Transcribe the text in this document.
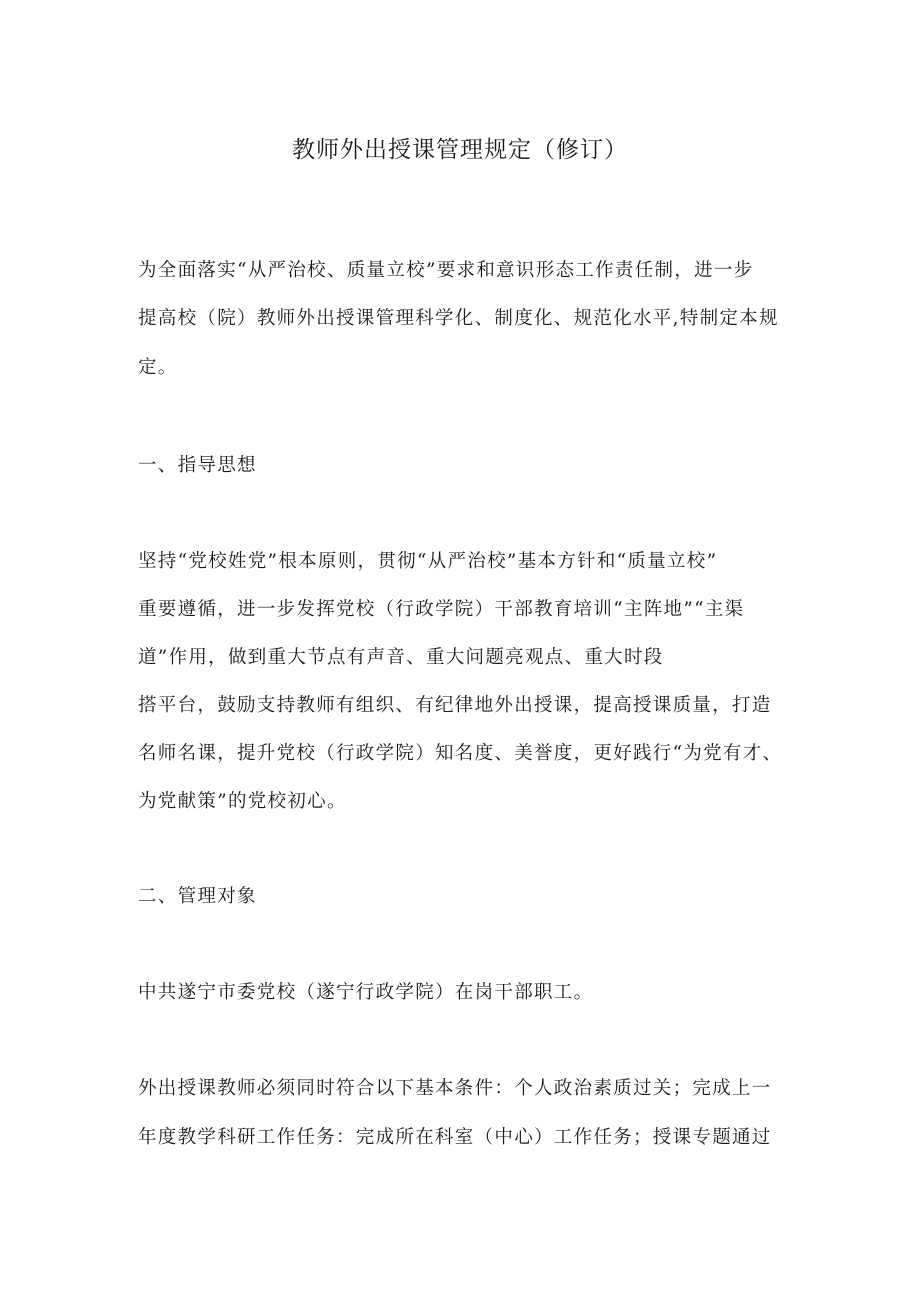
教师外出授课管理规定（修订）
为全面落实“从严治校、质量立校”要求和意识形态工作责任制，进一步
提高校（院）教师外出授课管理科学化、制度化、规范化水平,特制定本规
定。
一、指导思想
坚持“党校姓党”根本原则，贯彻“从严治校”基本方针和“质量立校”
重要遵循，进一步发挥党校（行政学院）干部教育培训“主阵地”“主渠
道”作用，做到重大节点有声音、重大问题亮观点、重大时段
搭平台，鼓励支持教师有组织、有纪律地外出授课，提高授课质量，打造
名师名课，提升党校（行政学院）知名度、美誉度，更好践行“为党有才、
为党献策”的党校初心。
二、管理对象
中共遂宁市委党校（遂宁行政学院）在岗干部职工。
外出授课教师必须同时符合以下基本条件：个人政治素质过关；完成上一
年度教学科研工作任务：完成所在科室（中心）工作任务；授课专题通过
